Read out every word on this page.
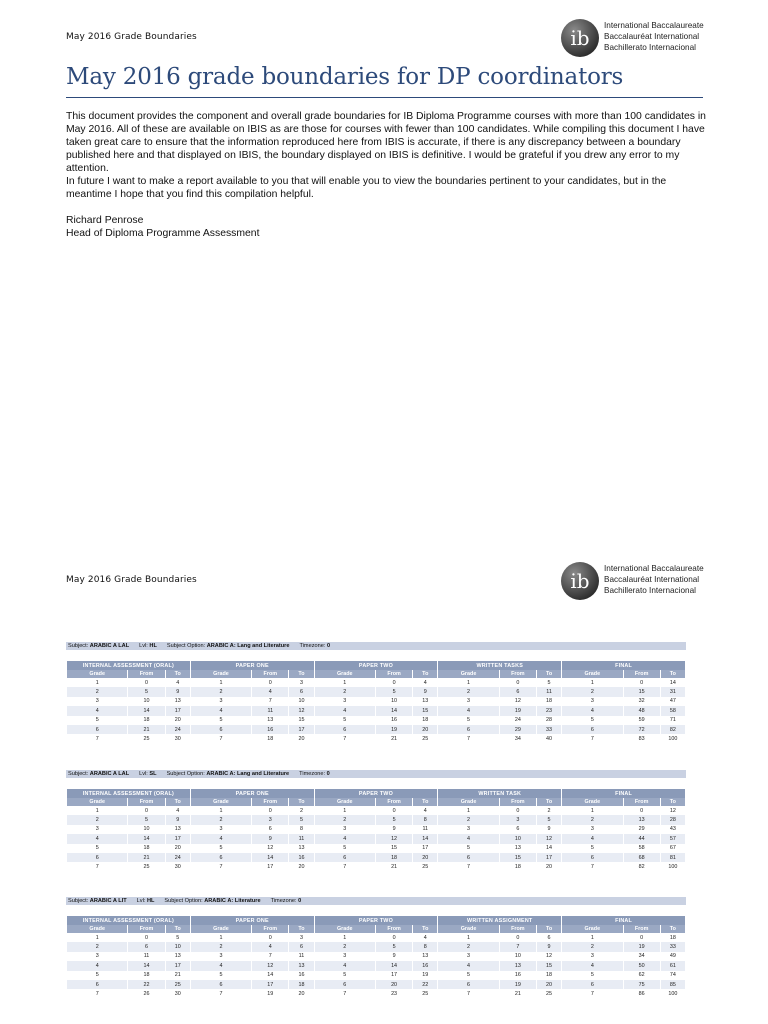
May 2016 Grade Boundaries	ib
International Baccalaureate
Baccalauréat International
Bachillerato Internacional
May 2016 grade boundaries for DP coordinators

This document provides the component and overall grade boundaries for IB Diploma Programme courses with more than 100 candidates in May 2016. All of these are available on IBIS as are those for courses with fewer than 100 candidates. While compiling this document I have taken great care to ensure that the information reproduced here from IBIS is accurate, if there is any discrepancy between a boundary published here and that displayed on IBIS, the boundary displayed on IBIS is definitive. I would be grateful if you drew any error to my attention.

In future I want to make a report available to you that will enable you to view the boundaries pertinent to your candidates, but in the meantime I hope that you find this compilation helpful.

Richard Penrose

Head of Diploma Programme Assessment

May 2016 Grade Boundaries	ib
International Baccalaureate
Baccalauréat International
Bachillerato Internacional
Subject: ARABIC A LAL Lvl: HL Subject Option: ARABIC A: Lang and Literature Timezone: 0
INTERNAL ASSESSMENT (ORAL)			PAPER ONE			PAPER TWO			WRITTEN TASKS			FINAL		
Grade	From	To	Grade	From	To	Grade	From	To	Grade	From	To	Grade	From	To
1	0	4	1	0	3	1	0	4	1	0	5	1	0	14
2	5	9	2	4	6	2	5	9	2	6	11	2	15	31
3	10	13	3	7	10	3	10	13	3	12	18	3	32	47
4	14	17	4	11	12	4	14	15	4	19	23	4	48	58
5	18	20	5	13	15	5	16	18	5	24	28	5	59	71
6	21	24	6	16	17	6	19	20	6	29	33	6	72	82
7	25	30	7	18	20	7	21	25	7	34	40	7	83	100
Subject: ARABIC A LAL Lvl: SL Subject Option: ARABIC A: Lang and Literature Timezone: 0
INTERNAL ASSESSMENT (ORAL)			PAPER ONE			PAPER TWO			WRITTEN TASK			FINAL		
Grade	From	To	Grade	From	To	Grade	From	To	Grade	From	To	Grade	From	To
1	0	4	1	0	2	1	0	4	1	0	2	1	0	12
2	5	9	2	3	5	2	5	8	2	3	5	2	13	28
3	10	13	3	6	8	3	9	11	3	6	9	3	29	43
4	14	17	4	9	11	4	12	14	4	10	12	4	44	57
5	18	20	5	12	13	5	15	17	5	13	14	5	58	67
6	21	24	6	14	16	6	18	20	6	15	17	6	68	81
7	25	30	7	17	20	7	21	25	7	18	20	7	82	100
Subject: ARABIC A LIT Lvl: HL Subject Option: ARABIC A: Literature Timezone: 0
INTERNAL ASSESSMENT (ORAL)			PAPER ONE			PAPER TWO			WRITTEN ASSIGNMENT			FINAL		
Grade	From	To	Grade	From	To	Grade	From	To	Grade	From	To	Grade	From	To
1	0	5	1	0	3	1	0	4	1	0	6	1	0	18
2	6	10	2	4	6	2	5	8	2	7	9	2	19	33
3	11	13	3	7	11	3	9	13	3	10	12	3	34	49
4	14	17	4	12	13	4	14	16	4	13	15	4	50	61
5	18	21	5	14	16	5	17	19	5	16	18	5	62	74
6	22	25	6	17	18	6	20	22	6	19	20	6	75	85
7	26	30	7	19	20	7	23	25	7	21	25	7	86	100
